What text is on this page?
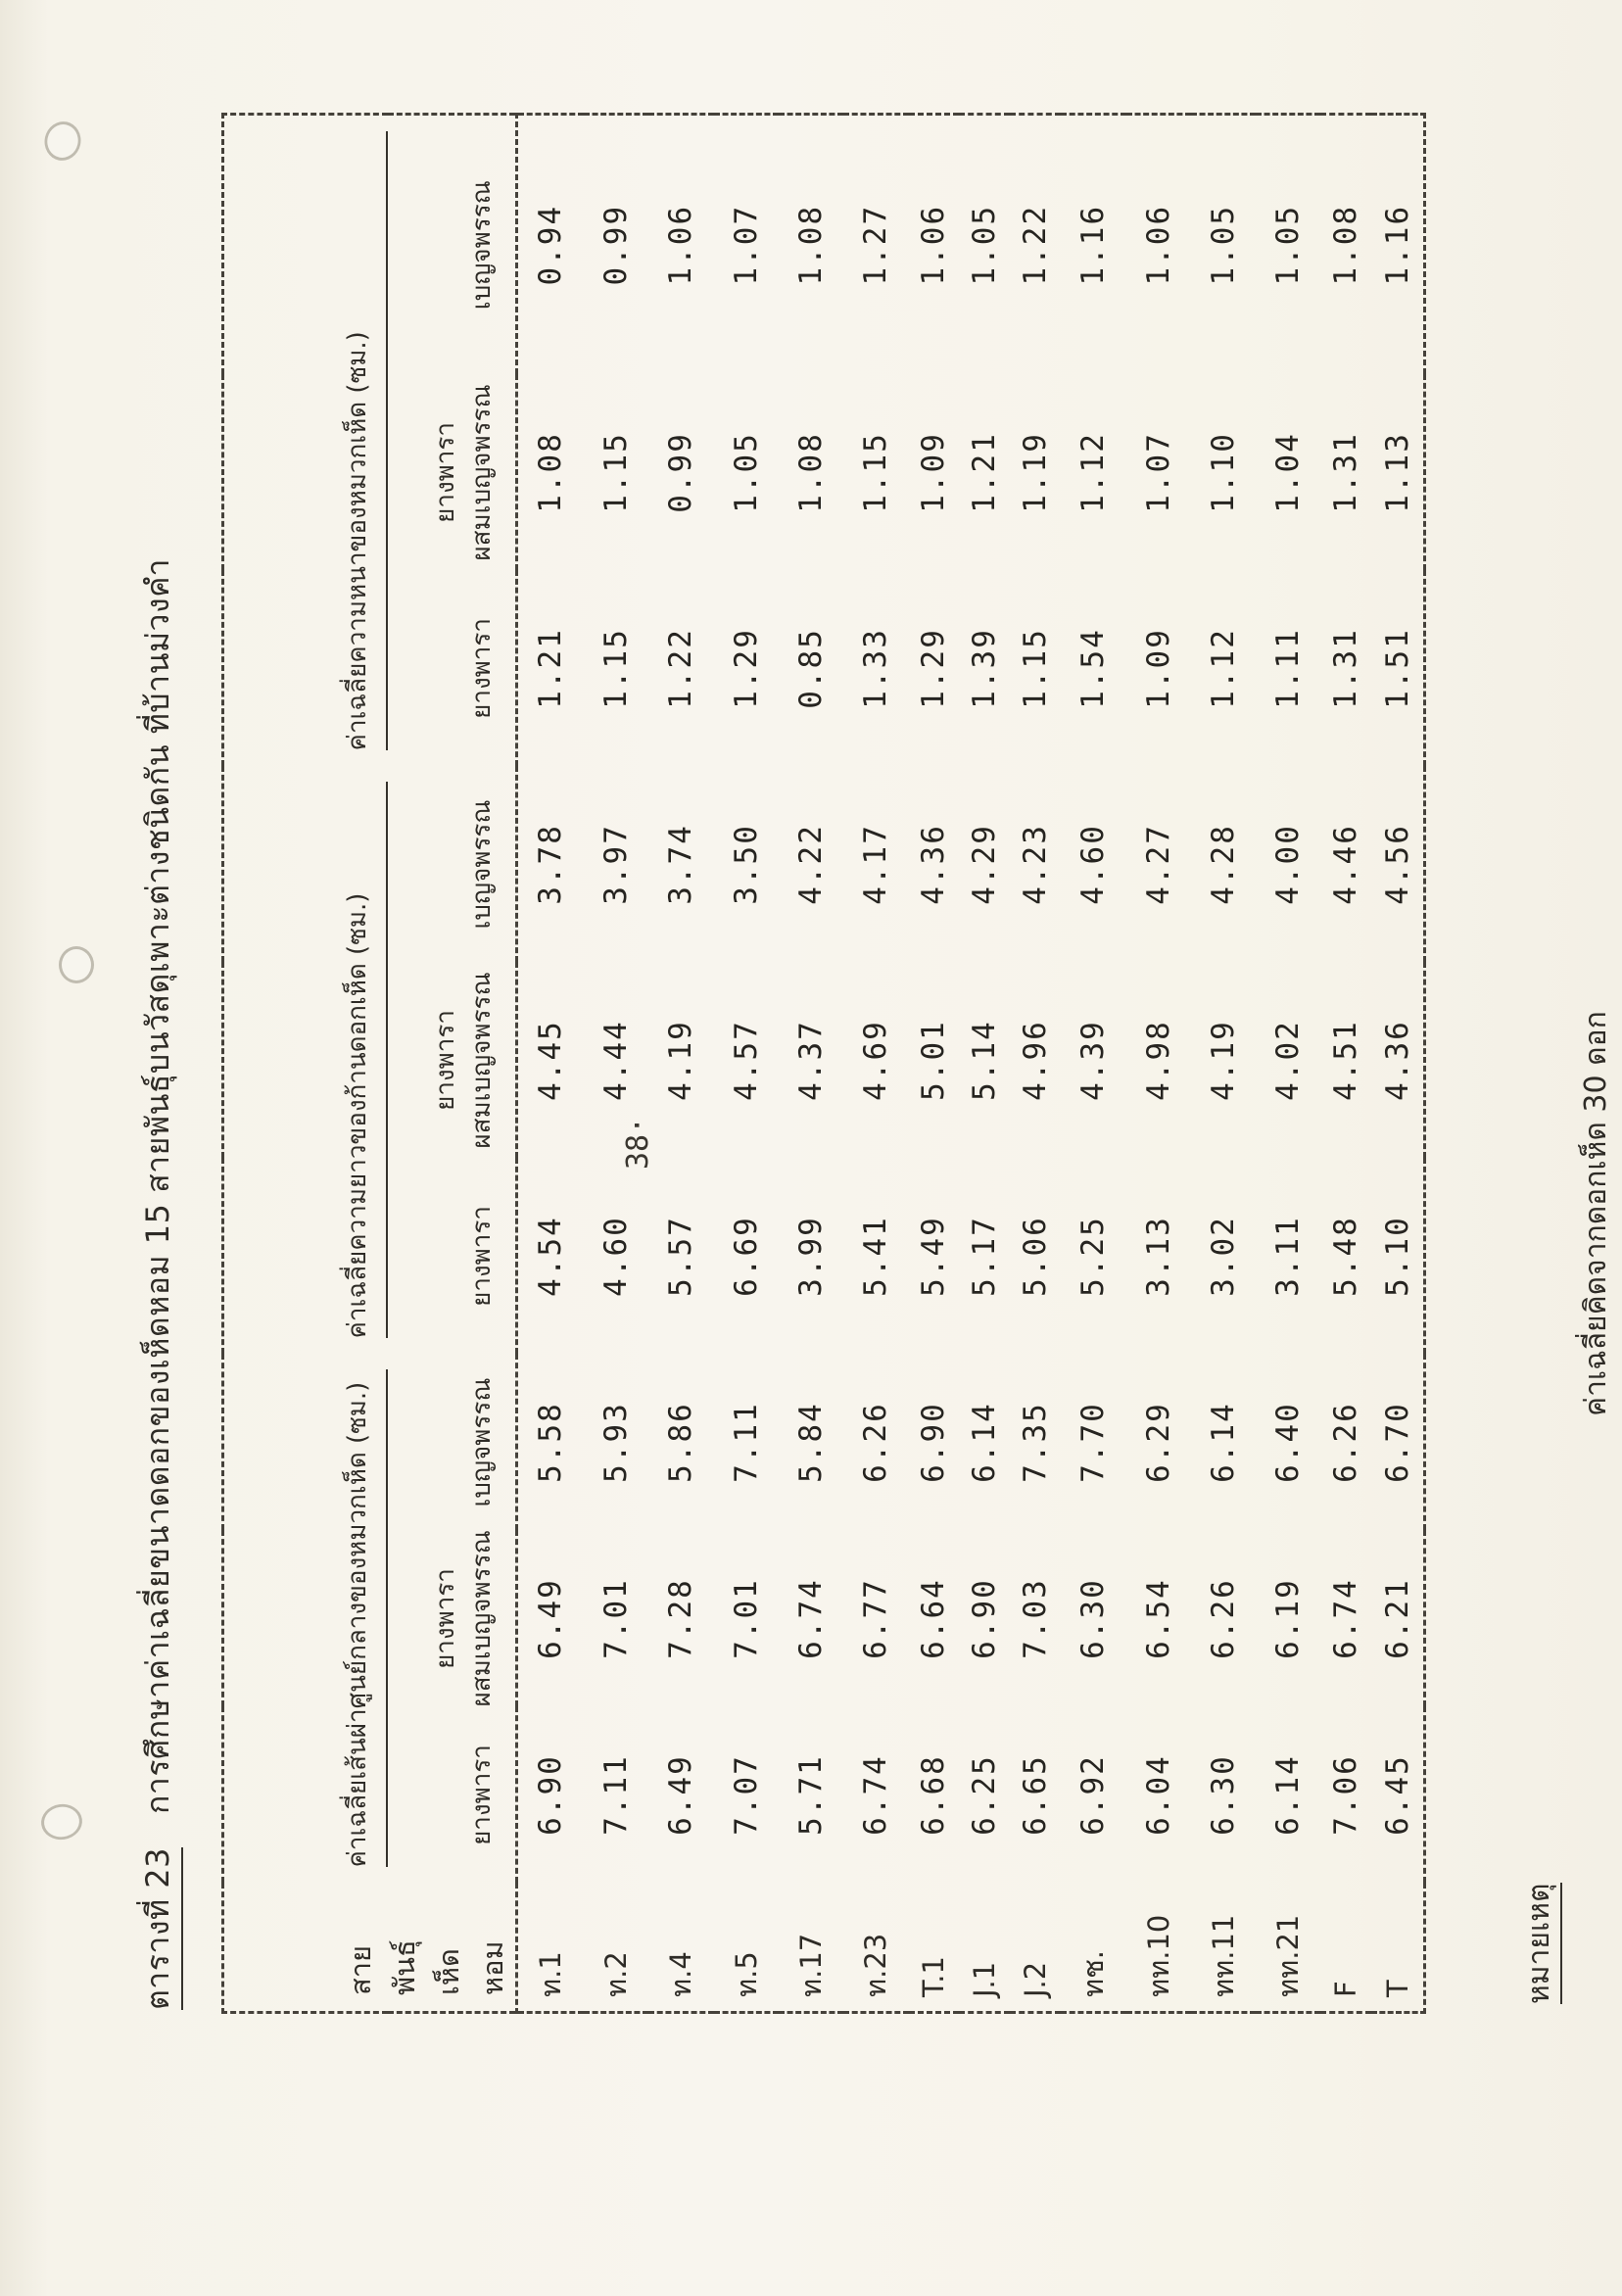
38·
ตารางที่ 23การศึกษาค่าเฉลี่ยขนาดดอกของเห็ดหอม 15 สายพันธุ์บนวัสดุเพาะต่างชนิดกัน ที่บ้านม่วงคำ
สายพันธุ์ เห็ดหอม	ค่าเฉลี่ยเส้นผ่าศูนย์กลางของหมวกเห็ด (ซม.)			ค่าเฉลี่ยความยาวของก้านดอกเห็ด (ซม.)			ค่าเฉลี่ยความหนาของหมวกเห็ด (ซม.)		

	ยางพารา	ยางพารา ผสมเบญจพรรณ	เบญจพรรณ	ยางพารา	ยางพารา ผสมเบญจพรรณ	เบญจพรรณ	ยางพารา	ยางพารา ผสมเบญจพรรณ	เบญจพรรณ
ท.1	6.90	6.49	5.58	4.54	4.45	3.78	1.21	1.08	0.94
ท.2	7.11	7.01	5.93	4.60	4.44	3.97	1.15	1.15	0.99
ท.4	6.49	7.28	5.86	5.57	4.19	3.74	1.22	0.99	1.06
ท.5	7.07	7.01	7.11	6.69	4.57	3.50	1.29	1.05	1.07
ท.17	5.71	6.74	5.84	3.99	4.37	4.22	0.85	1.08	1.08
ท.23	6.74	6.77	6.26	5.41	4.69	4.17	1.33	1.15	1.27
T.1	6.68	6.64	6.90	5.49	5.01	4.36	1.29	1.09	1.06
J.1	6.25	6.90	6.14	5.17	5.14	4.29	1.39	1.21	1.05
J.2	6.65	7.03	7.35	5.06	4.96	4.23	1.15	1.19	1.22
ทช.	6.92	6.30	7.70	5.25	4.39	4.60	1.54	1.12	1.16
ทท.10	6.04	6.54	6.29	3.13	4.98	4.27	1.09	1.07	1.06
ทท.11	6.30	6.26	6.14	3.02	4.19	4.28	1.12	1.10	1.05
ทท.21	6.14	6.19	6.40	3.11	4.02	4.00	1.11	1.04	1.05
F	7.06	6.74	6.26	5.48	4.51	4.46	1.31	1.31	1.08
T	6.45	6.21	6.70	5.10	4.36	4.56	1.51	1.13	1.16
หมายเหตุ
ค่าเฉลี่ยคิดจากดอกเห็ด 30 ดอก
